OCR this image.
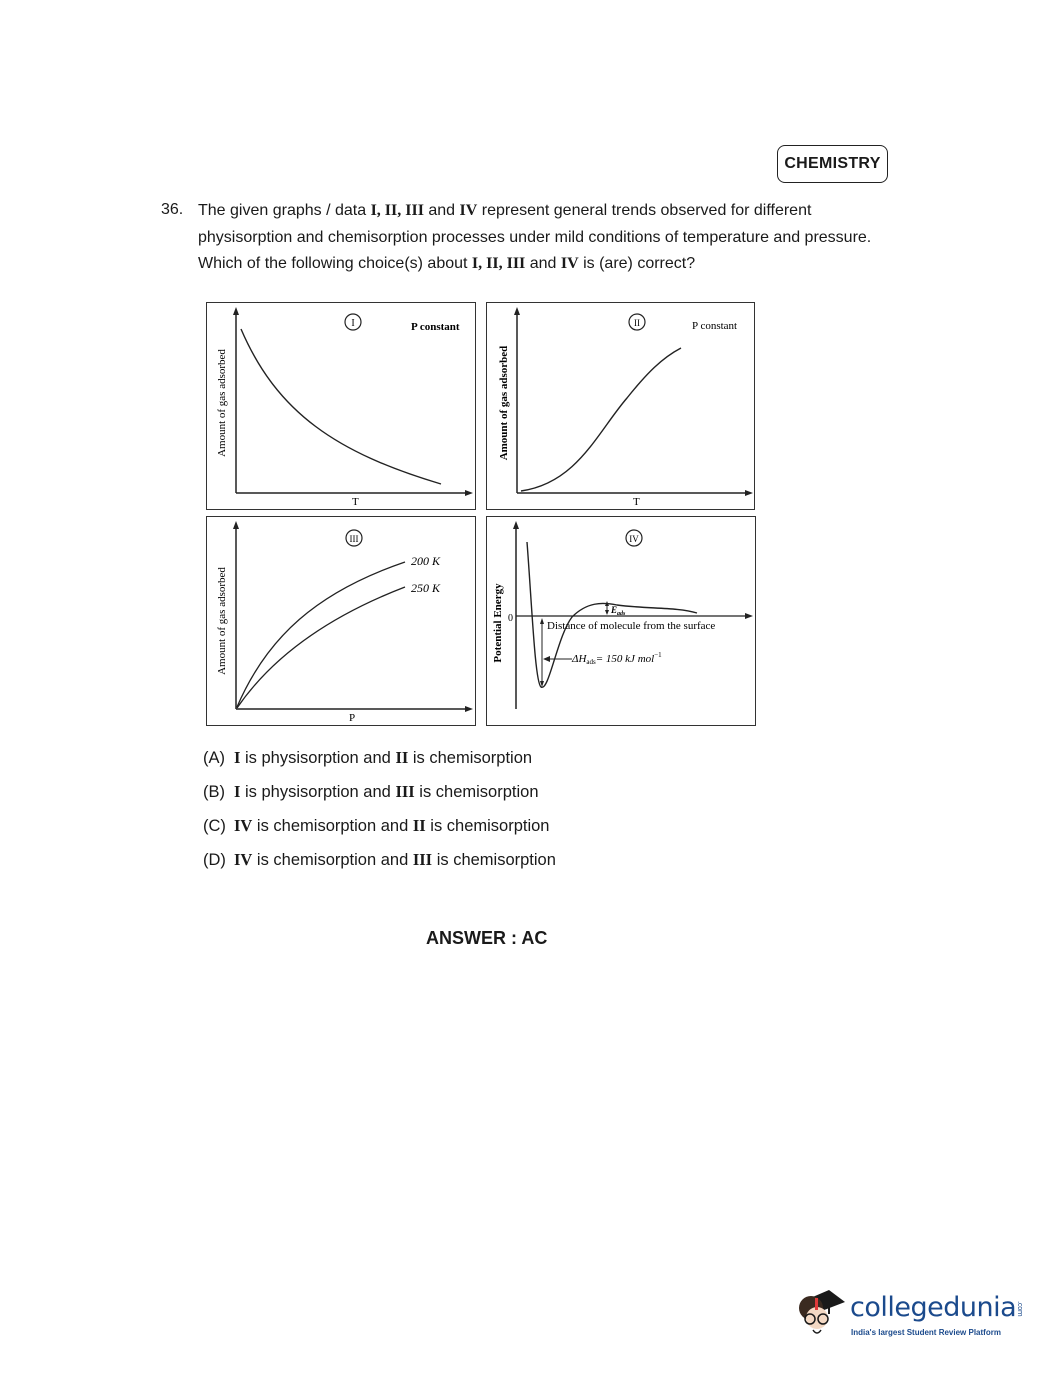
CHEMISTRY
36. The given graphs / data I, II, III and IV represent general trends observed for different
physisorption and chemisorption processes under mild conditions of temperature and pressure.
Which of the following choice(s) about I, II, III and IV is (are) correct?

I	P constant
T
Amount of gas adsorbed
II	P constant
T
Amount of gas adsorbed
III
200 K
250 K
P
Amount of gas adsorbed
IV
0
$E_{ads}$
Distance of molecule from the surface
ΔHads= 150 kJ mol$^{-1}$
Potential Energy
(A) I is physisorption and II is chemisorption
(B) I is physisorption and III is chemisorption
(C) IV is chemisorption and II is chemisorption
(D) IV is chemisorption and III is chemisorption
ANSWER : AC
collegedunia.com
India's largest Student Review Platform
